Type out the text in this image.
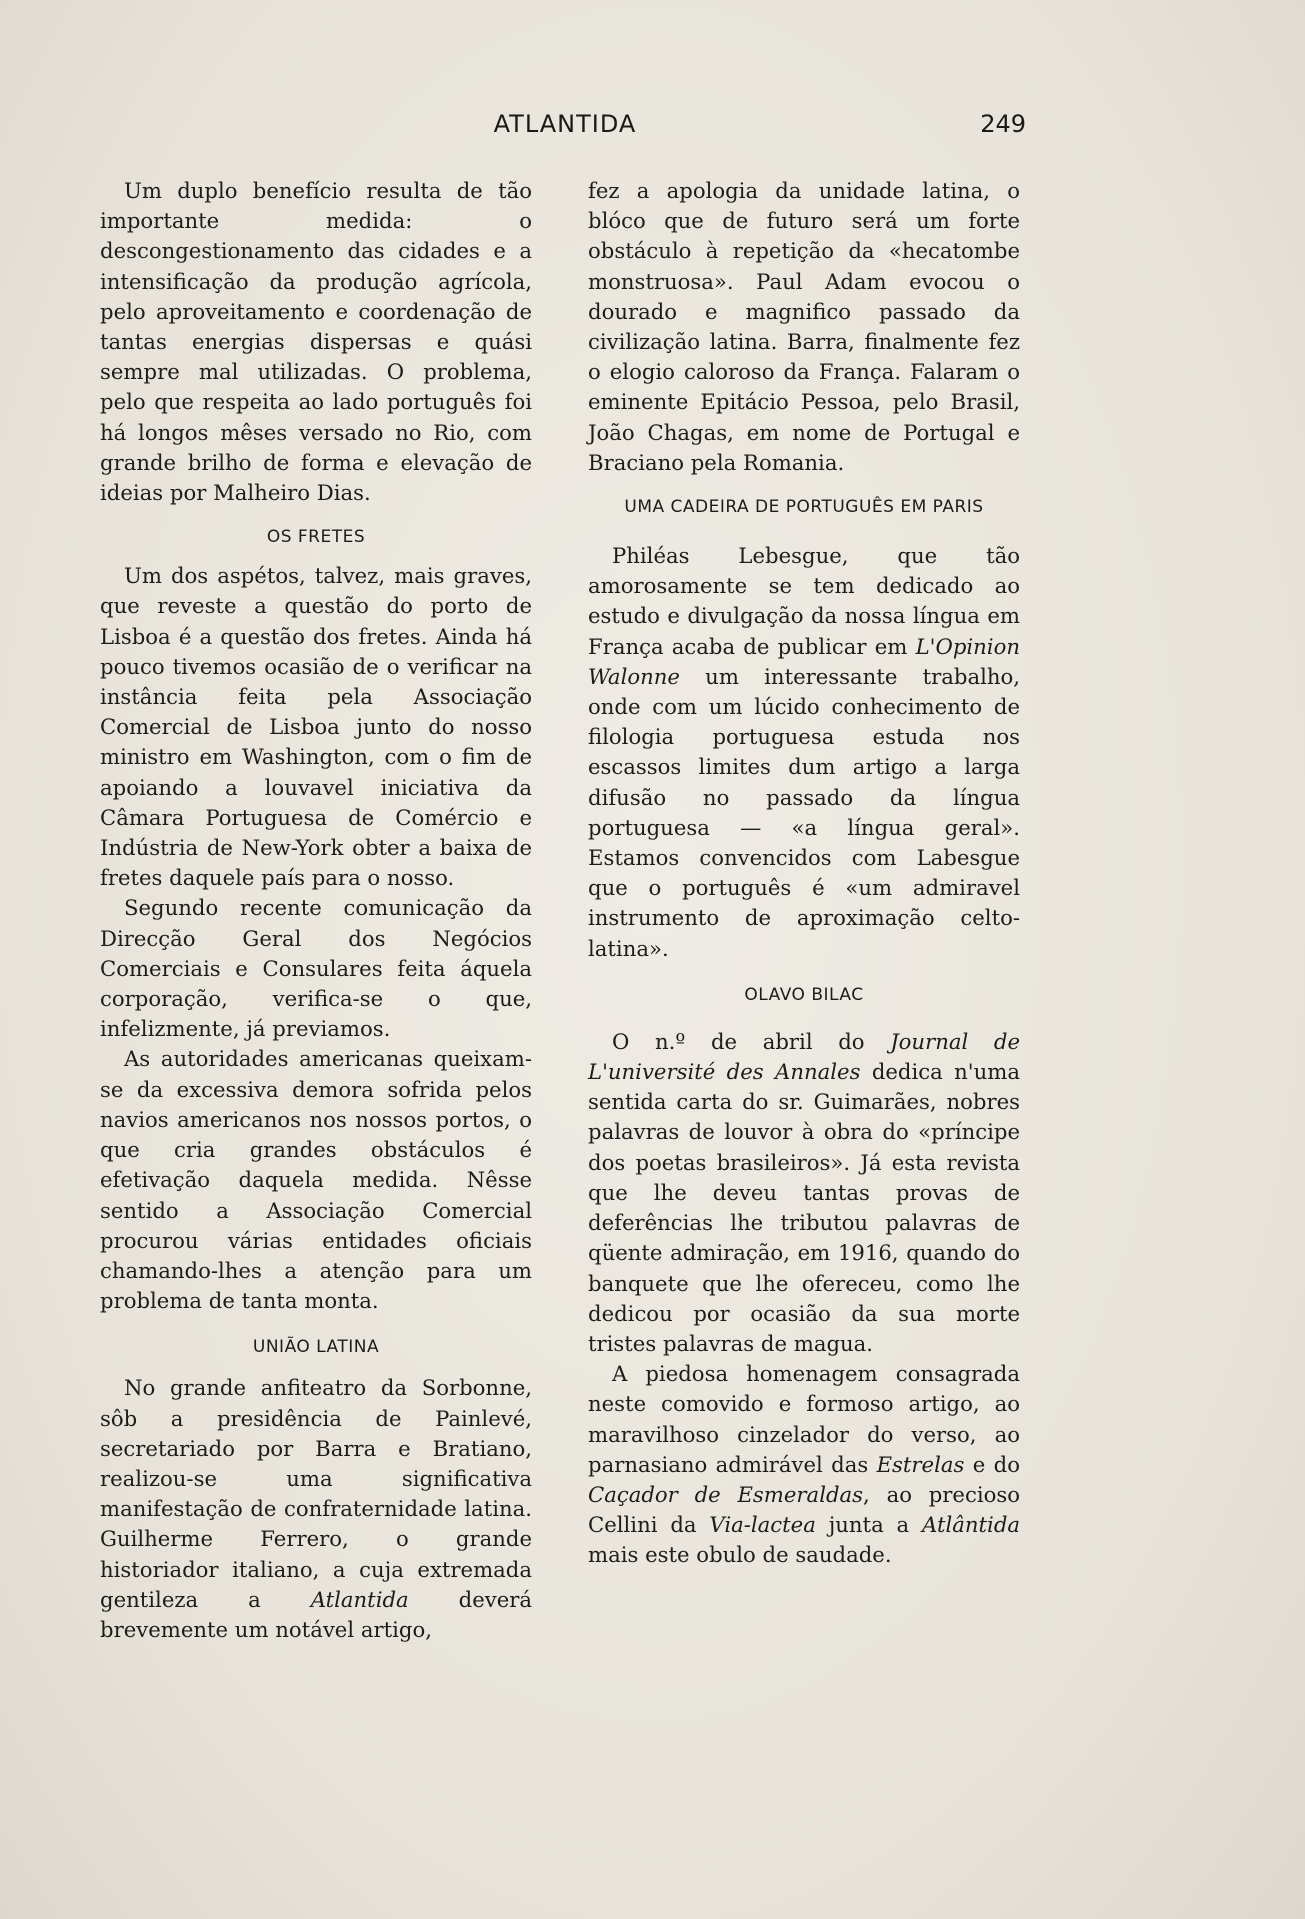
ATLANTIDA	249

Um duplo benefício resulta de tão importante medida: o descongestionamento das cidades e a intensificação da produção agrícola, pelo aproveitamento e coordenação de tantas energias dispersas e quási sempre mal utilizadas. O problema, pelo que respeita ao lado português foi há longos mêses versado no Rio, com grande brilho de forma e elevação de ideias por Malheiro Dias.

OS FRETES

Um dos aspétos, talvez, mais graves, que reveste a questão do porto de Lisboa é a questão dos fretes. Ainda há pouco tivemos ocasião de o verificar na instância feita pela Associação Comercial de Lisboa junto do nosso ministro em Washington, com o fim de apoiando a louvavel iniciativa da Câmara Portuguesa de Comércio e Indústria de New-York obter a baixa de fretes daquele país para o nosso.

Segundo recente comunicação da Direcção Geral dos Negócios Comerciais e Consulares feita áquela corporação, verifica-se o que, infelizmente, já previamos.

As autoridades americanas queixam-se da excessiva demora sofrida pelos navios americanos nos nossos portos, o que cria grandes obstáculos é efetivação daquela medida. Nêsse sentido a Associação Comercial procurou várias entidades oficiais chamando-lhes a atenção para um problema de tanta monta.

UNIÃO LATINA

No grande anfiteatro da Sorbonne, sôb a presidência de Painlevé, secretariado por Barra e Bratiano, realizou-se uma significativa manifestação de confraternidade latina. Guilherme Ferrero, o grande historiador italiano, a cuja extremada gentileza a Atlantida deverá brevemente um notável artigo,

fez a apologia da unidade latina, o blóco que de futuro será um forte obstáculo à repetição da «hecatombe monstruosa». Paul Adam evocou o dourado e magnifico passado da civilização latina. Barra, finalmente fez o elogio caloroso da França. Falaram o eminente Epitácio Pessoa, pelo Brasil, João Chagas, em nome de Portugal e Braciano pela Romania.

UMA CADEIRA DE PORTUGUÊS EM PARIS

Philéas Lebesgue, que tão amorosamente se tem dedicado ao estudo e divulgação da nossa língua em França acaba de publicar em L'Opinion Walonne um interessante trabalho, onde com um lúcido conhecimento de filologia portuguesa estuda nos escassos limites dum artigo a larga difusão no passado da língua portuguesa — «a língua geral». Estamos convencidos com Labesgue que o português é «um admiravel instrumento de aproximação celto-latina».

OLAVO BILAC

O n.º de abril do Journal de L'université des Annales dedica n'uma sentida carta do sr. Guimarães, nobres palavras de louvor à obra do «príncipe dos poetas brasileiros». Já esta revista que lhe deveu tantas provas de deferências lhe tributou palavras de qüente admiração, em 1916, quando do banquete que lhe ofereceu, como lhe dedicou por ocasião da sua morte tristes palavras de magua.

A piedosa homenagem consagrada neste comovido e formoso artigo, ao maravilhoso cinzelador do verso, ao parnasiano admirável das Estrelas e do Caçador de Esmeraldas, ao precioso Cellini da Via-lactea junta a Atlântida mais este obulo de saudade.
